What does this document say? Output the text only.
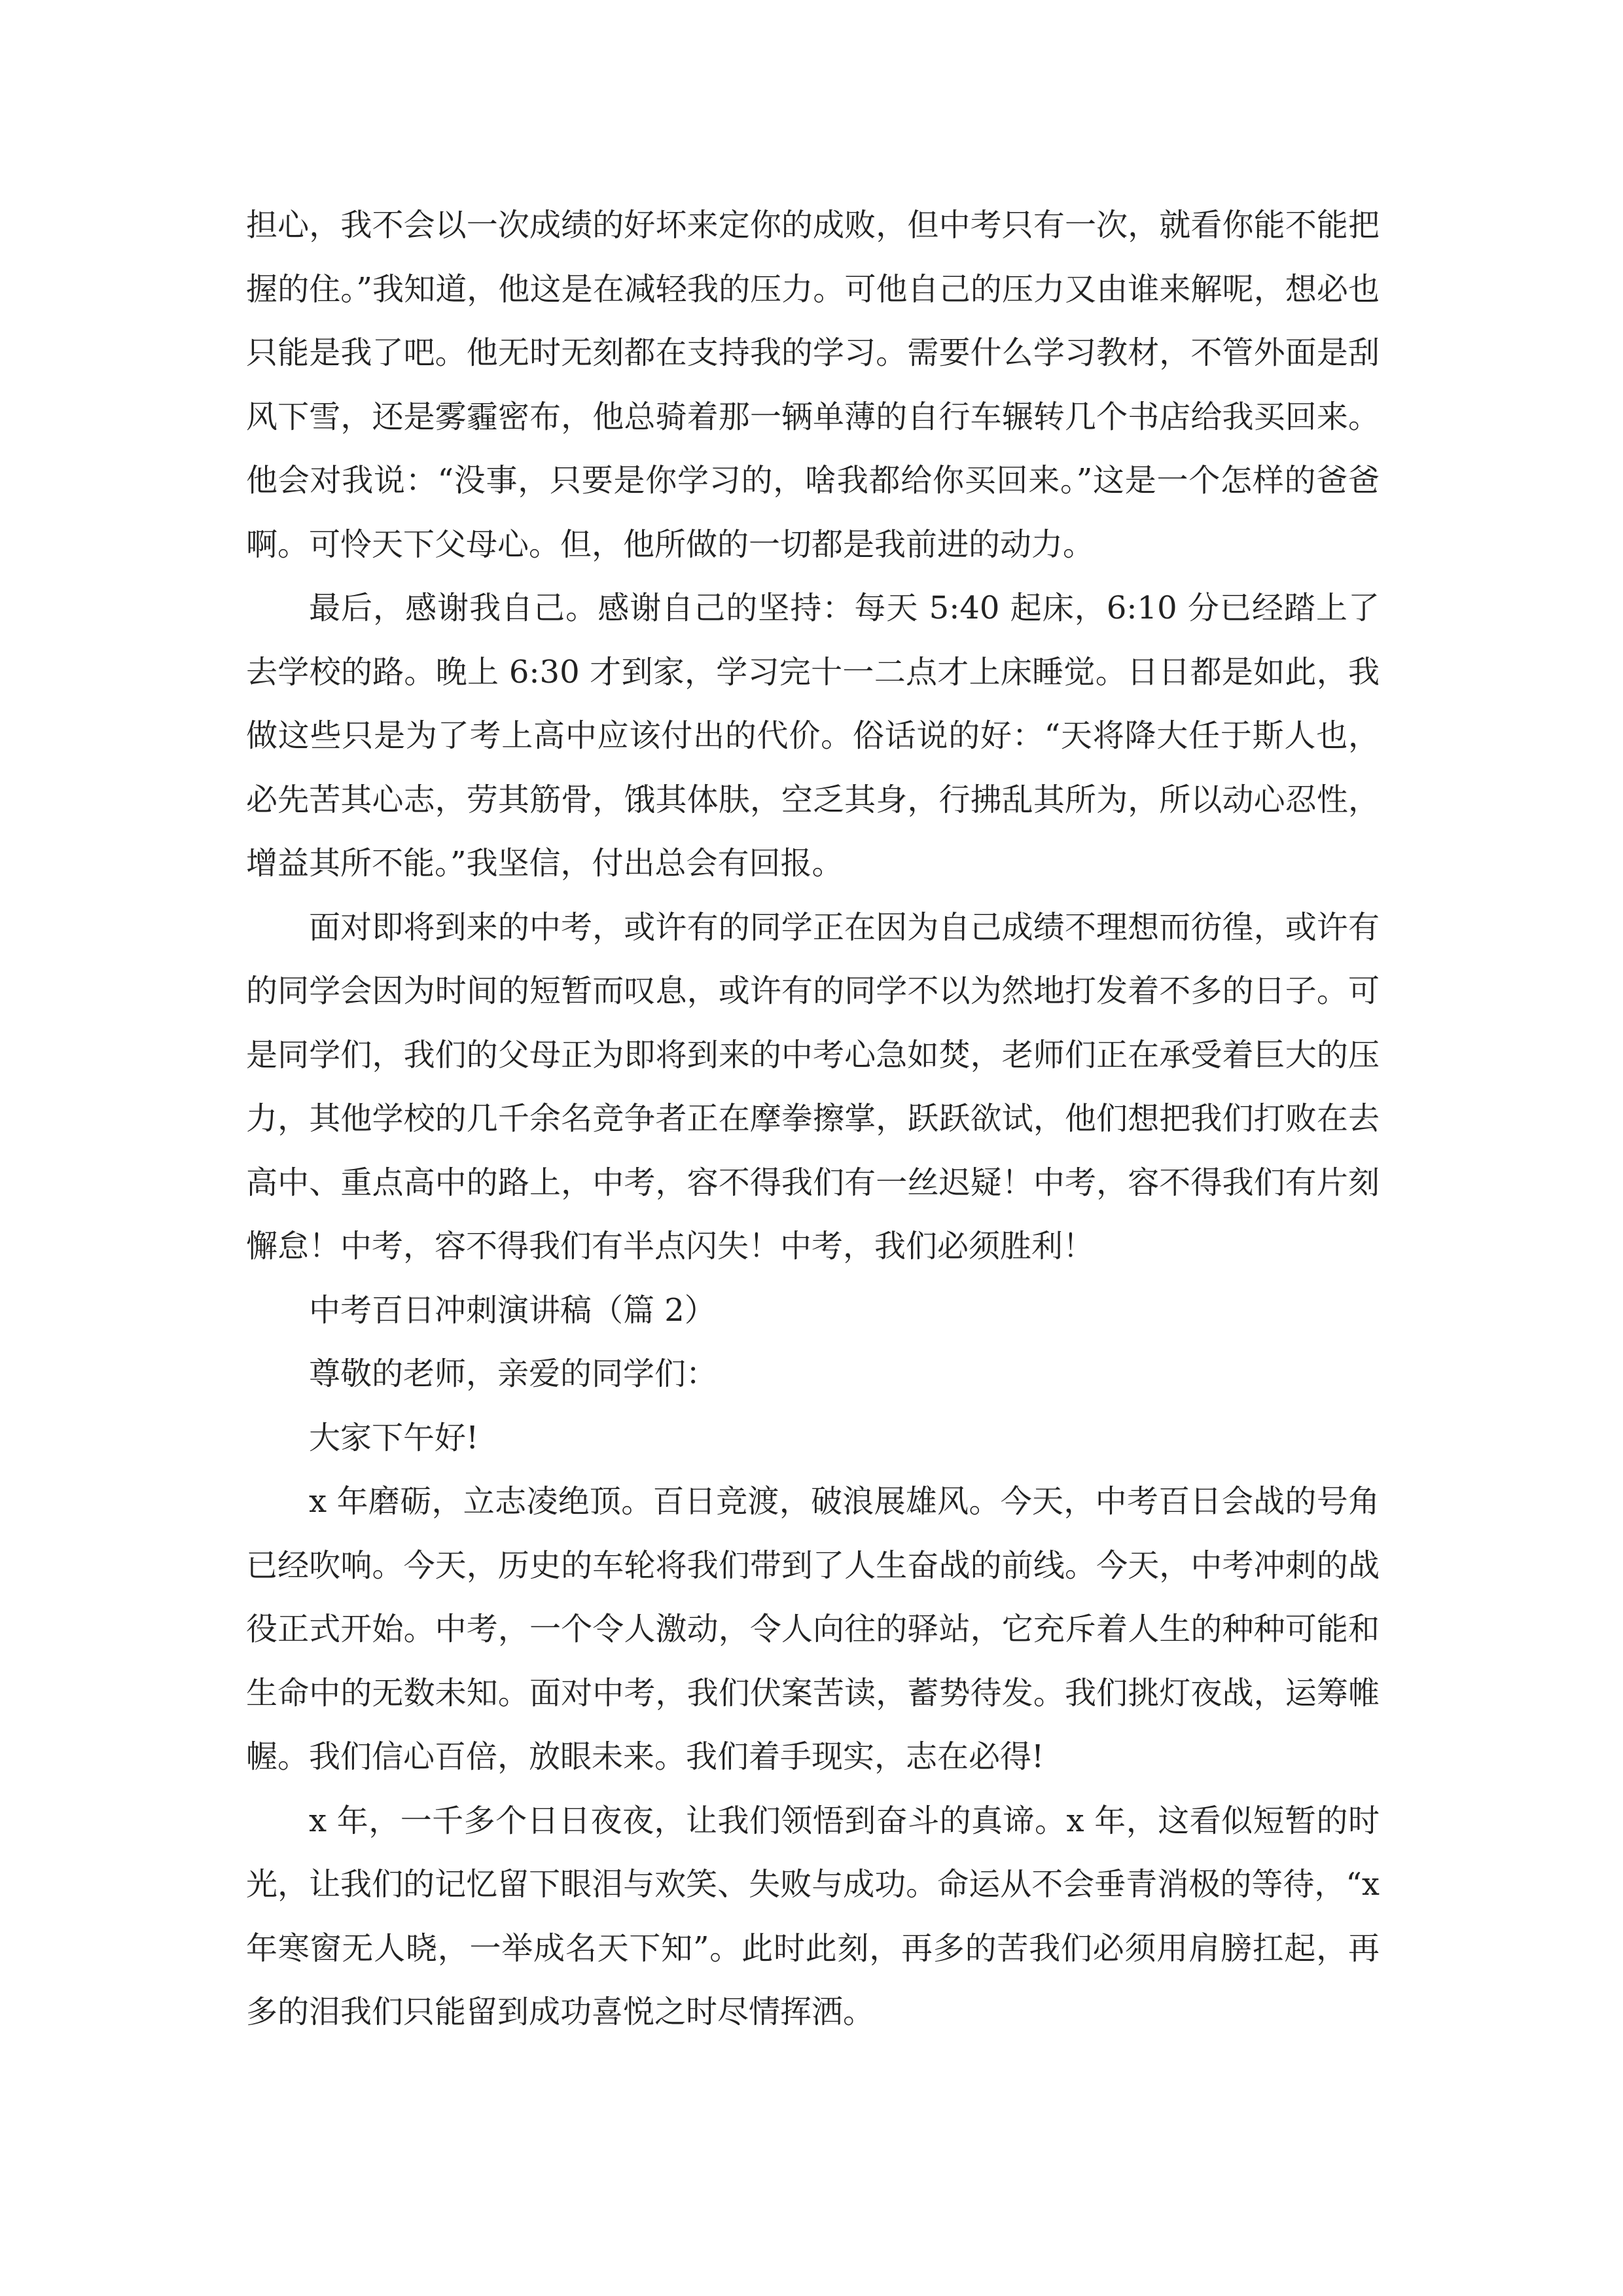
担心，我不会以一次成绩的好坏来定你的成败，但中考只有一次，就看你能不能把握的住。”我知道，他这是在减轻我的压力。可他自己的压力又由谁来解呢，想必也只能是我了吧。他无时无刻都在支持我的学习。需要什么学习教材，不管外面是刮风下雪，还是雾霾密布，他总骑着那一辆单薄的自行车辗转几个书店给我买回来。他会对我说：“没事，只要是你学习的，啥我都给你买回来。”这是一个怎样的爸爸啊。可怜天下父母心。但，他所做的一切都是我前进的动力。

最后，感谢我自己。感谢自己的坚持：每天 5:40 起床，6:10 分已经踏上了去学校的路。晚上 6:30 才到家，学习完十一二点才上床睡觉。日日都是如此，我做这些只是为了考上高中应该付出的代价。俗话说的好：“天将降大任于斯人也，必先苦其心志，劳其筋骨，饿其体肤，空乏其身，行拂乱其所为，所以动心忍性，增益其所不能。”我坚信，付出总会有回报。

面对即将到来的中考，或许有的同学正在因为自己成绩不理想而彷徨，或许有的同学会因为时间的短暂而叹息，或许有的同学不以为然地打发着不多的日子。可是同学们，我们的父母正为即将到来的中考心急如焚，老师们正在承受着巨大的压力，其他学校的几千余名竞争者正在摩拳擦掌，跃跃欲试，他们想把我们打败在去高中、重点高中的路上，中考，容不得我们有一丝迟疑！中考，容不得我们有片刻懈怠！中考，容不得我们有半点闪失！中考，我们必须胜利！

中考百日冲刺演讲稿（篇 2）

尊敬的老师，亲爱的同学们：

大家下午好!

x 年磨砺，立志凌绝顶。百日竞渡，破浪展雄风。今天，中考百日会战的号角已经吹响。今天，历史的车轮将我们带到了人生奋战的前线。今天，中考冲刺的战役正式开始。中考，一个令人激动，令人向往的驿站，它充斥着人生的种种可能和生命中的无数未知。面对中考，我们伏案苦读，蓄势待发。我们挑灯夜战，运筹帷幄。我们信心百倍，放眼未来。我们着手现实，志在必得!

x 年，一千多个日日夜夜，让我们领悟到奋斗的真谛。x 年，这看似短暂的时光，让我们的记忆留下眼泪与欢笑、失败与成功。命运从不会垂青消极的等待，“x 年寒窗无人晓，一举成名天下知”。此时此刻，再多的苦我们必须用肩膀扛起，再多的泪我们只能留到成功喜悦之时尽情挥洒。
